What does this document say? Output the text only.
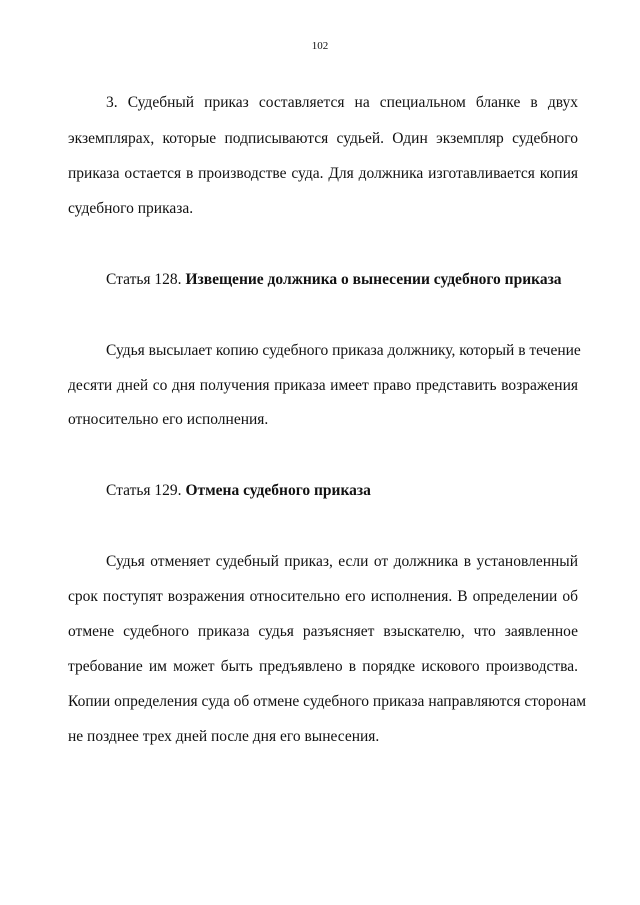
102
3. Судебный приказ составляется на специальном бланке в двух
экземплярах, которые подписываются судьей. Один экземпляр судебного
приказа остается в производстве суда. Для должника изготавливается копия
судебного приказа.
Статья 128. Извещение должника о вынесении судебного приказа
Судья высылает копию судебного приказа должнику, который в течение
десяти дней со дня получения приказа имеет право представить возражения
относительно его исполнения.
Статья 129. Отмена судебного приказа
Судья отменяет судебный приказ, если от должника в установленный
срок поступят возражения относительно его исполнения. В определении об
отмене судебного приказа судья разъясняет взыскателю, что заявленное
требование им может быть предъявлено в порядке искового производства.
Копии определения суда об отмене судебного приказа направляются сторонам
не позднее трех дней после дня его вынесения.
